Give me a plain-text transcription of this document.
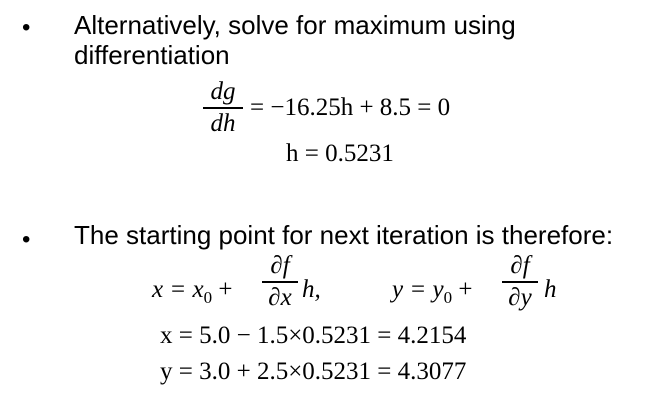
• Alternatively, solve for maximum using
differentiation
dg
dh
= −16.25h + 8.5 = 0
h = 0.5231
• The starting point for next iteration is therefore:
$x = x_0$ +
∂f
∂x h,	$y = y_0$ +
∂f
∂y h
x = 5.0 − 1.5×0.5231 = 4.2154
y = 3.0 + 2.5×0.5231 = 4.3077
